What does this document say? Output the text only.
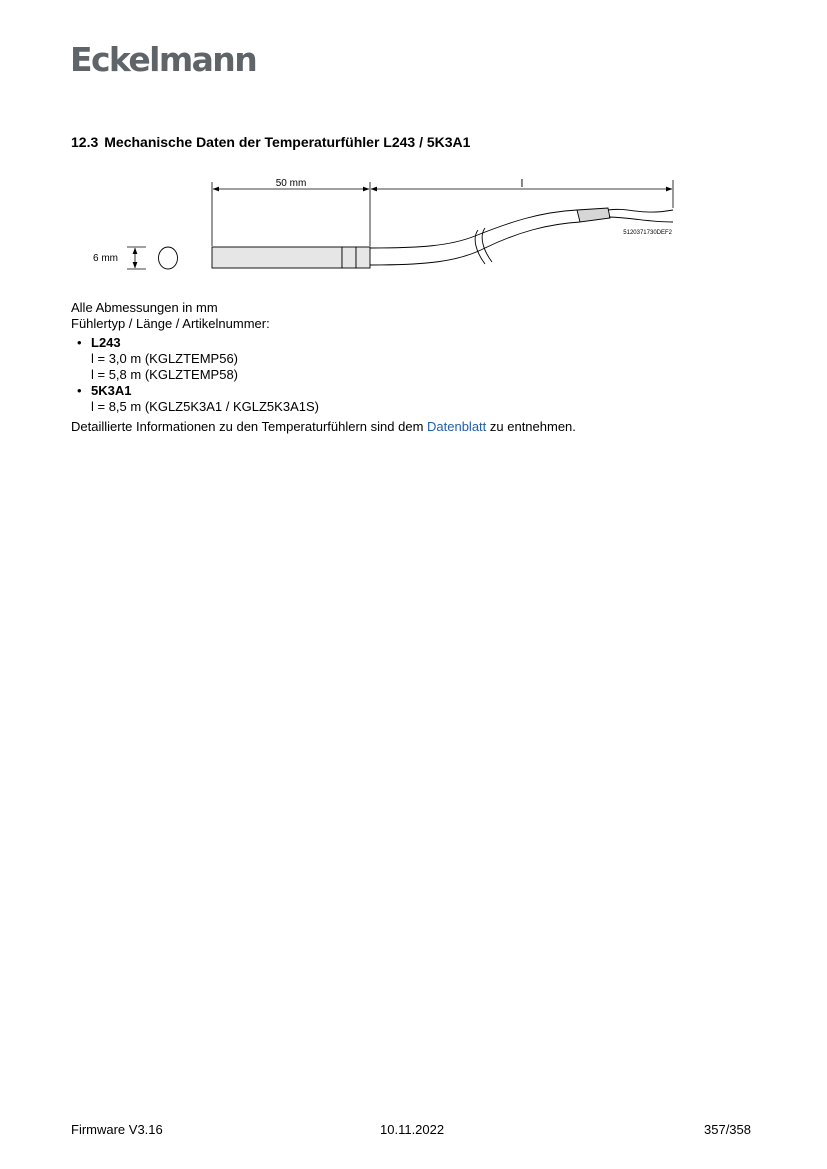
Eckelmann
12.3 Mechanische Daten der Temperaturfühler L243 / 5K3A1
50 mm	l
6 mm
5120371730DEF2

Alle Abmessungen in mm

Fühlertyp / Länge / Artikelnummer:

• L243
l = 3,0 m (KGLZTEMP56)
l = 5,8 m (KGLZTEMP58)
• 5K3A1
l = 8,5 m (KGLZ5K3A1 / KGLZ5K3A1S)

Detaillierte Informationen zu den Temperaturfühlern sind dem Datenblatt zu entnehmen.

Firmware V3.16	10.11.2022	357/358
